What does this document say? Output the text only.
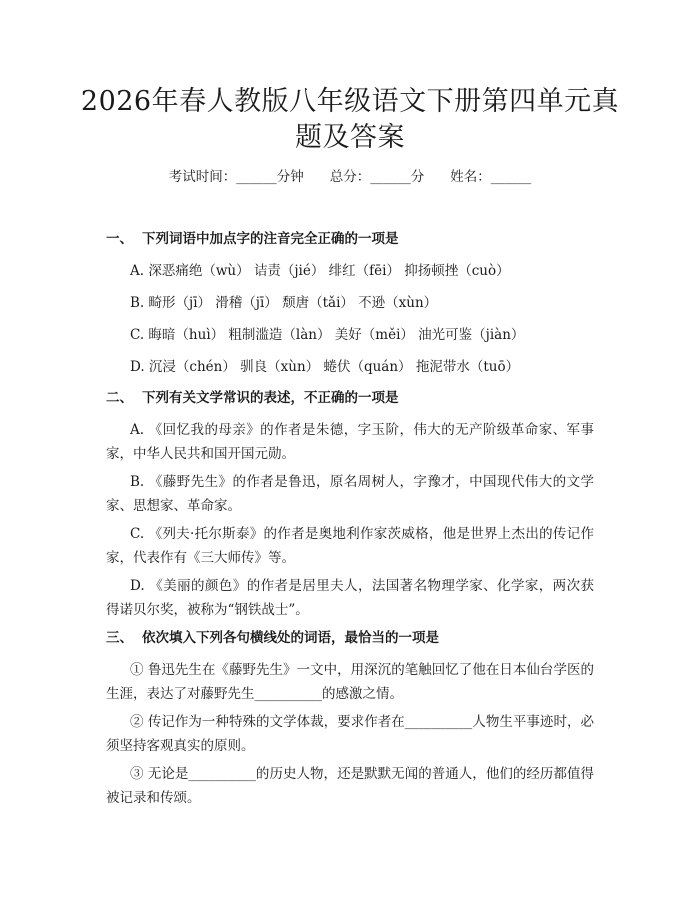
2026年春人教版八年级语文下册第四单元真题及答案
考试时间：______分钟 总分：______分 姓名：______
一、 下列词语中加点字的注音完全正确的一项是
A. 深恶痛绝（wù） 诘责（jié） 绯红（fēi） 抑扬顿挫（cuò）
B. 畸形（jī） 滑稽（jī） 颓唐（tǎi） 不逊（xùn）
C. 晦暗（huì） 粗制滥造（làn） 美好（měi） 油光可鉴（jiàn）
D. 沉浸（chén） 驯良（xùn） 蜷伏（quán） 拖泥带水（tuō）
二、 下列有关文学常识的表述，不正确的一项是
A. 《回忆我的母亲》的作者是朱德，字玉阶，伟大的无产阶级革命家、军事家，中华人民共和国开国元勋。
B. 《藤野先生》的作者是鲁迅，原名周树人，字豫才，中国现代伟大的文学家、思想家、革命家。
C. 《列夫·托尔斯泰》的作者是奥地利作家茨威格，他是世界上杰出的传记作家，代表作有《三大师传》等。
D. 《美丽的颜色》的作者是居里夫人，法国著名物理学家、化学家，两次获得诺贝尔奖，被称为“钢铁战士”。
三、 依次填入下列各句横线处的词语，最恰当的一项是
① 鲁迅先生在《藤野先生》一文中，用深沉的笔触回忆了他在日本仙台学医的生涯，表达了对藤野先生__________的感激之情。
② 传记作为一种特殊的文学体裁，要求作者在__________人物生平事迹时，必须坚持客观真实的原则。
③ 无论是__________的历史人物，还是默默无闻的普通人，他们的经历都值得被记录和传颂。
